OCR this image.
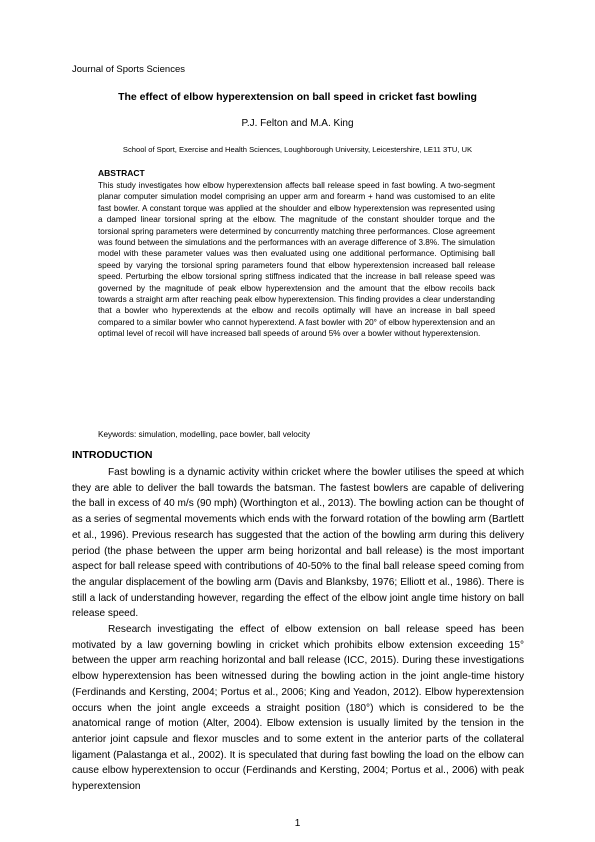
Journal of Sports Sciences
The effect of elbow hyperextension on ball speed in cricket fast bowling
P.J. Felton and M.A. King
School of Sport, Exercise and Health Sciences, Loughborough University, Leicestershire, LE11 3TU, UK
ABSTRACT

This study investigates how elbow hyperextension affects ball release speed in fast bowling. A two-segment planar computer simulation model comprising an upper arm and forearm + hand was customised to an elite fast bowler. A constant torque was applied at the shoulder and elbow hyperextension was represented using a damped linear torsional spring at the elbow. The magnitude of the constant shoulder torque and the torsional spring parameters were determined by concurrently matching three performances. Close agreement was found between the simulations and the performances with an average difference of 3.8%. The simulation model with these parameter values was then evaluated using one additional performance. Optimising ball speed by varying the torsional spring parameters found that elbow hyperextension increased ball release speed. Perturbing the elbow torsional spring stiffness indicated that the increase in ball release speed was governed by the magnitude of peak elbow hyperextension and the amount that the elbow recoils back towards a straight arm after reaching peak elbow hyperextension. This finding provides a clear understanding that a bowler who hyperextends at the elbow and recoils optimally will have an increase in ball speed compared to a similar bowler who cannot hyperextend. A fast bowler with 20° of elbow hyperextension and an optimal level of recoil will have increased ball speeds of around 5% over a bowler without hyperextension.

Keywords: simulation, modelling, pace bowler, ball velocity
INTRODUCTION

Fast bowling is a dynamic activity within cricket where the bowler utilises the speed at which they are able to deliver the ball towards the batsman. The fastest bowlers are capable of delivering the ball in excess of 40 m/s (90 mph) (Worthington et al., 2013). The bowling action can be thought of as a series of segmental movements which ends with the forward rotation of the bowling arm (Bartlett et al., 1996). Previous research has suggested that the action of the bowling arm during this delivery period (the phase between the upper arm being horizontal and ball release) is the most important aspect for ball release speed with contributions of 40-50% to the final ball release speed coming from the angular displacement of the bowling arm (Davis and Blanksby, 1976; Elliott et al., 1986). There is still a lack of understanding however, regarding the effect of the elbow joint angle time history on ball release speed.

Research investigating the effect of elbow extension on ball release speed has been motivated by a law governing bowling in cricket which prohibits elbow extension exceeding 15° between the upper arm reaching horizontal and ball release (ICC, 2015). During these investigations elbow hyperextension has been witnessed during the bowling action in the joint angle-time history (Ferdinands and Kersting, 2004; Portus et al., 2006; King and Yeadon, 2012). Elbow hyperextension occurs when the joint angle exceeds a straight position (180°) which is considered to be the anatomical range of motion (Alter, 2004). Elbow extension is usually limited by the tension in the anterior joint capsule and flexor muscles and to some extent in the anterior parts of the collateral ligament (Palastanga et al., 2002). It is speculated that during fast bowling the load on the elbow can cause elbow hyperextension to occur (Ferdinands and Kersting, 2004; Portus et al., 2006) with peak hyperextension

1
